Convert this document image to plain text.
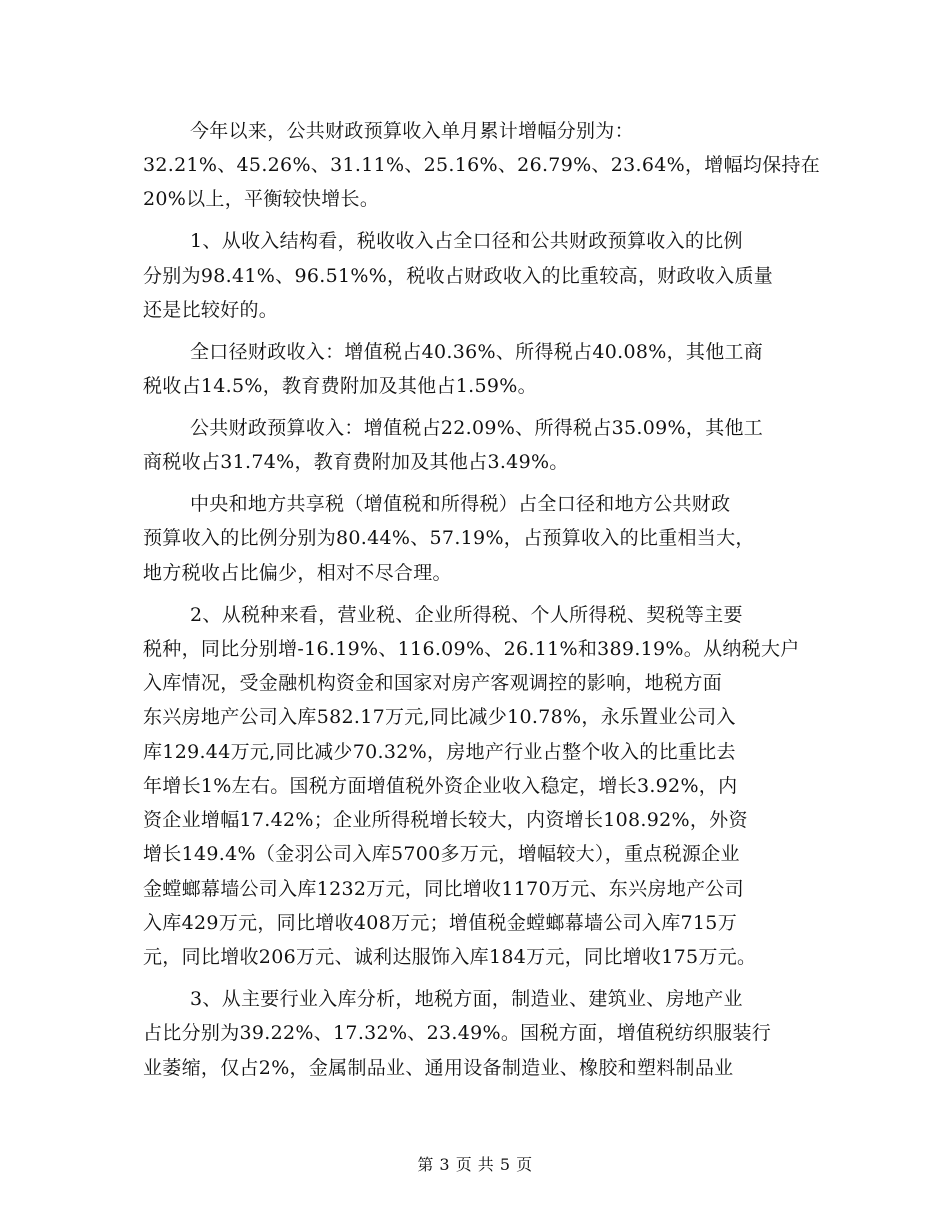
今年以来，公共财政预算收入单月累计增幅分别为：
32.21%、45.26%、31.11%、25.16%、26.79%、23.64%，增幅均保持在
20%以上，平衡较快增长。
1、从收入结构看，税收收入占全口径和公共财政预算收入的比例
分别为98.41%、96.51%%，税收占财政收入的比重较高，财政收入质量
还是比较好的。
全口径财政收入：增值税占40.36%、所得税占40.08%，其他工商
税收占14.5%，教育费附加及其他占1.59%。
公共财政预算收入：增值税占22.09%、所得税占35.09%，其他工
商税收占31.74%，教育费附加及其他占3.49%。
中央和地方共享税（增值税和所得税）占全口径和地方公共财政
预算收入的比例分别为80.44%、57.19%，占预算收入的比重相当大，
地方税收占比偏少，相对不尽合理。
2、从税种来看，营业税、企业所得税、个人所得税、契税等主要
税种，同比分别增-16.19%、116.09%、26.11%和389.19%。从纳税大户
入库情况，受金融机构资金和国家对房产客观调控的影响，地税方面
东兴房地产公司入库582.17万元,同比减少10.78%，永乐置业公司入
库129.44万元,同比减少70.32%，房地产行业占整个收入的比重比去
年增长1%左右。国税方面增值税外资企业收入稳定，增长3.92%，内
资企业增幅17.42%；企业所得税增长较大，内资增长108.92%，外资
增长149.4%（金羽公司入库5700多万元，增幅较大），重点税源企业
金螳螂幕墙公司入库1232万元，同比增收1170万元、东兴房地产公司
入库429万元，同比增收408万元；增值税金螳螂幕墙公司入库715万
元，同比增收206万元、诚利达服饰入库184万元，同比增收175万元。
3、从主要行业入库分析，地税方面，制造业、建筑业、房地产业
占比分别为39.22%、17.32%、23.49%。国税方面，增值税纺织服装行
业萎缩，仅占2%，金属制品业、通用设备制造业、橡胶和塑料制品业
第 3 页 共 5 页
